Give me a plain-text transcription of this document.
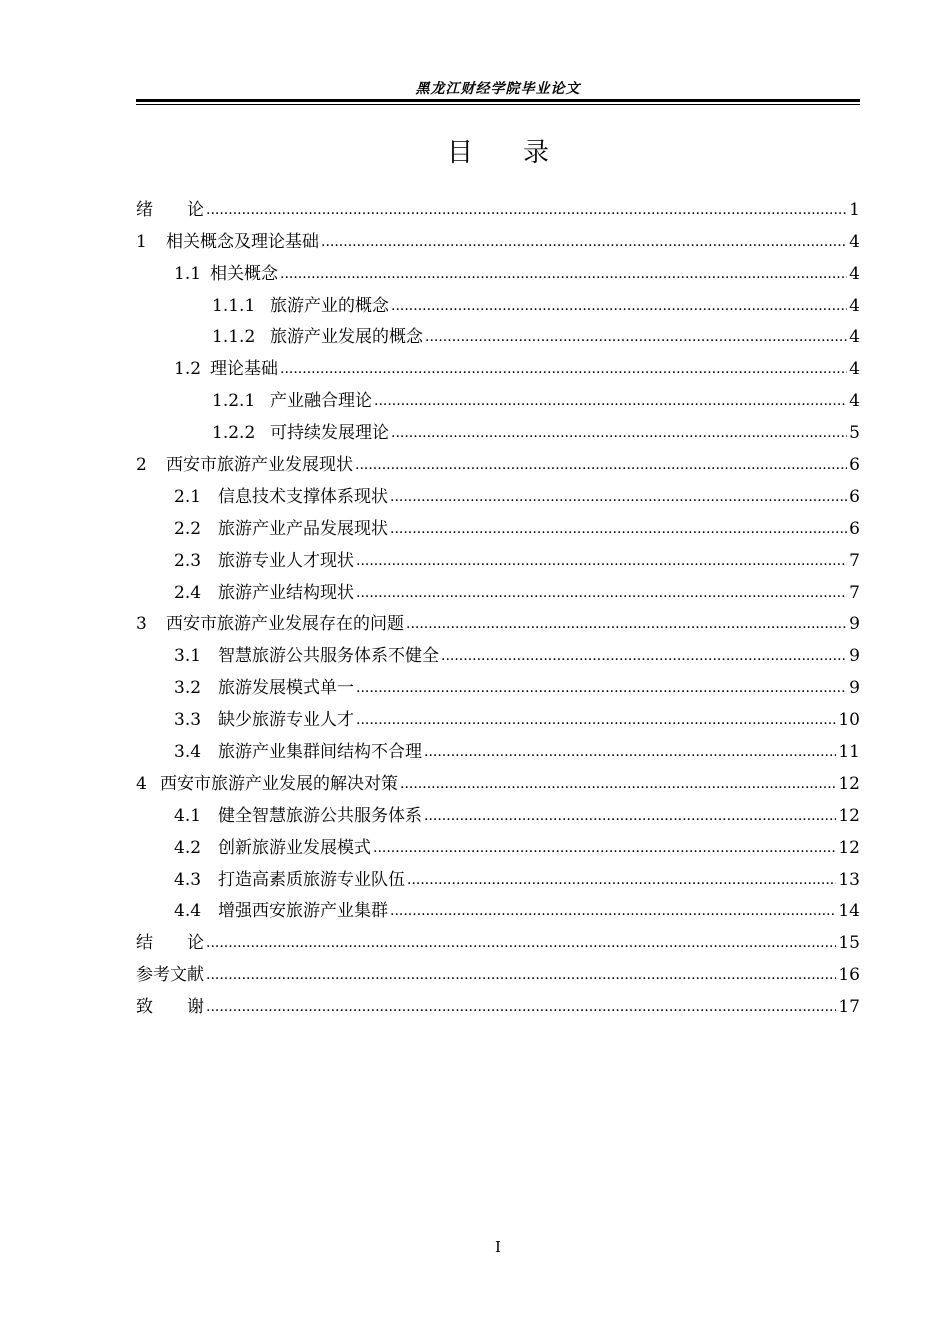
黑龙江财经学院毕业论文
目 录
绪　　论 .....	1
1	相关概念及理论基础 .....	4
1.1 相关概念 .....	4
1.1.1 旅游产业的概念 .....	4
1.1.2 旅游产业发展的概念 .....	4
1.2 理论基础 .....	4
1.2.1 产业融合理论 .....	4
1.2.2 可持续发展理论 .....	5
2	西安市旅游产业发展现状 .....	6
2.1 信息技术支撑体系现状 .....	6
2.2 旅游产业产品发展现状 .....	6
2.3 旅游专业人才现状 .....	7
2.4 旅游产业结构现状 .....	7
3	西安市旅游产业发展存在的问题 .....	9
3.1 智慧旅游公共服务体系不健全 .....	9
3.2 旅游发展模式单一 .....	9
3.3 缺少旅游专业人才 .....	10
3.4 旅游产业集群间结构不合理 .....	11
4 西安市旅游产业发展的解决对策 .....	12
4.1 健全智慧旅游公共服务体系 .....	12
4.2 创新旅游业发展模式 .....	12
4.3 打造高素质旅游专业队伍 .....	13
4.4 增强西安旅游产业集群 .....	14
结　　论 .....	15
参考文献 .....	16
致　　谢 .....	17
I
